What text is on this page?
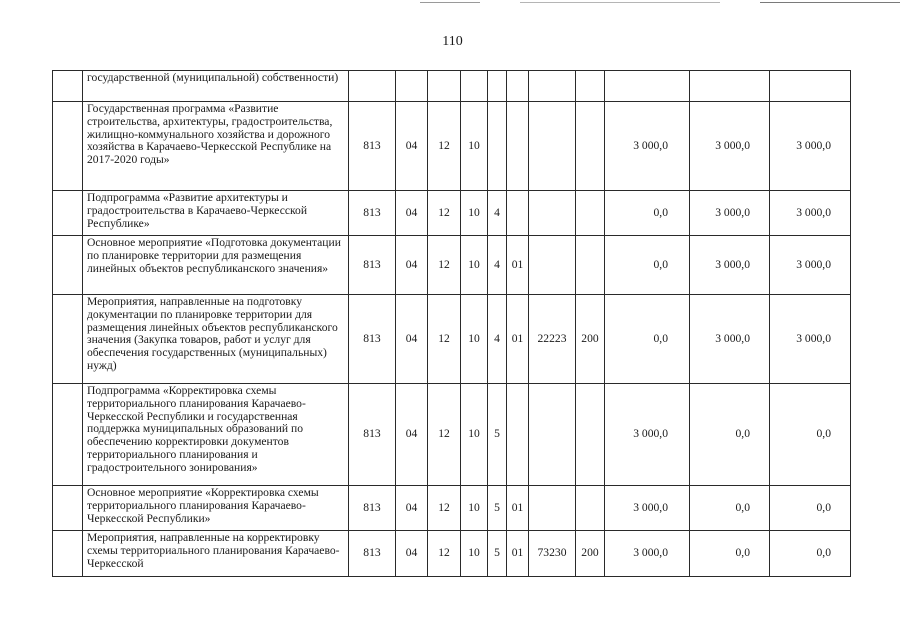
110
	государственной (муниципальной) собственности)											
	Государственная программа «Развитие строительства, архитектуры, градостроительства, жилищно-коммунального хозяйства и дорожного хозяйства в Карачаево-Черкесской Республике на 2017-2020 годы»	813	04	12	10					3 000,0	3 000,0	3 000,0
	Подпрограмма «Развитие архитектуры и градостроительства в Карачаево-Черкесской Республике»	813	04	12	10	4				0,0	3 000,0	3 000,0
	Основное мероприятие «Подготовка документации по планировке территории для размещения линейных объектов республиканского значения»	813	04	12	10	4	01			0,0	3 000,0	3 000,0
	Мероприятия, направленные на подготовку документации по планировке территории для размещения линейных объектов республиканского значения (Закупка товаров, работ и услуг для обеспечения государственных (муниципальных) нужд)	813	04	12	10	4	01	22223	200	0,0	3 000,0	3 000,0
	Подпрограмма «Корректировка схемы территориального планирования Карачаево-Черкесской Республики и государственная поддержка муниципальных образований по обеспечению корректировки документов территориального планирования и градостроительного зонирования»	813	04	12	10	5				3 000,0	0,0	0,0
	Основное мероприятие «Корректировка схемы территориального планирования Карачаево-Черкесской Республики»	813	04	12	10	5	01			3 000,0	0,0	0,0
	Мероприятия, направленные на корректировку схемы территориального планирования Карачаево-Черкесской	813	04	12	10	5	01	73230	200	3 000,0	0,0	0,0
